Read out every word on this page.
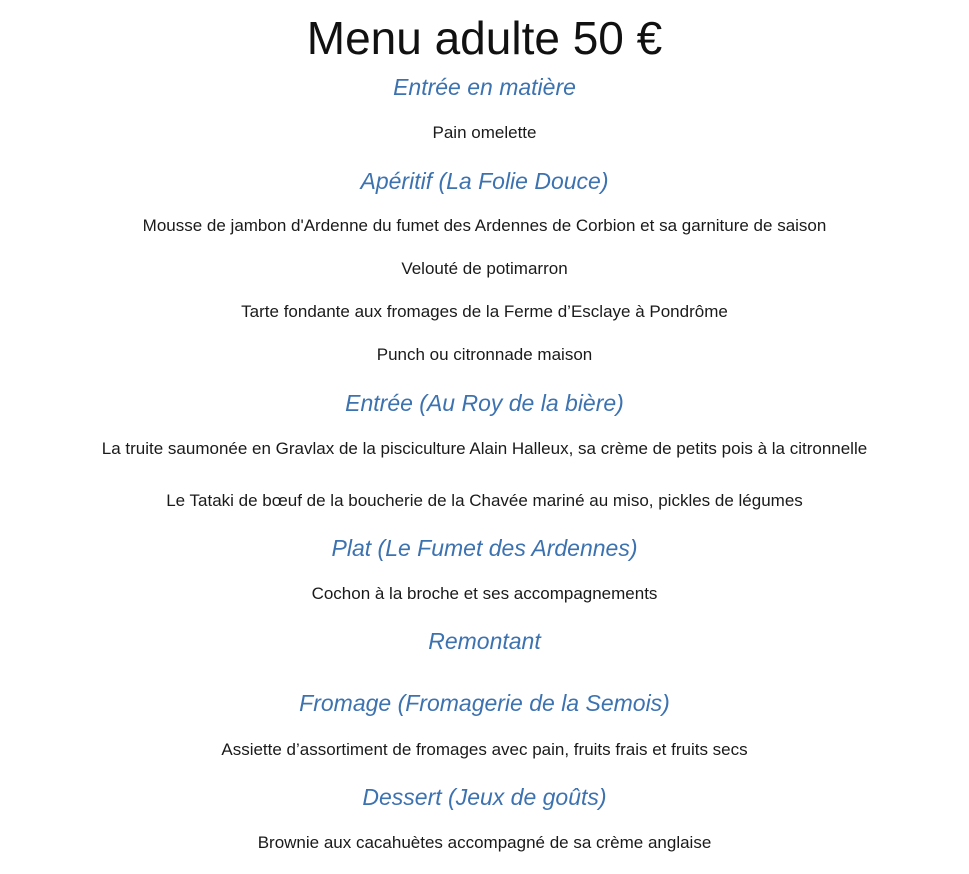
Menu adulte 50 €
Entrée en matière

Pain omelette

Apéritif (La Folie Douce)

Mousse de jambon d'Ardenne du fumet des Ardennes de Corbion et sa garniture de saison

Velouté de potimarron

Tarte fondante aux fromages de la Ferme d’Esclaye à Pondrôme

Punch ou citronnade maison

Entrée (Au Roy de la bière)

La truite saumonée en Gravlax de la pisciculture Alain Halleux, sa crème de petits pois à la citronnelle

Le Tataki de bœuf de la boucherie de la Chavée mariné au miso, pickles de légumes

Plat (Le Fumet des Ardennes)

Cochon à la broche et ses accompagnements

Remontant
Fromage (Fromagerie de la Semois)

Assiette d’assortiment de fromages avec pain, fruits frais et fruits secs

Dessert (Jeux de goûts)

Brownie aux cacahuètes accompagné de sa crème anglaise
